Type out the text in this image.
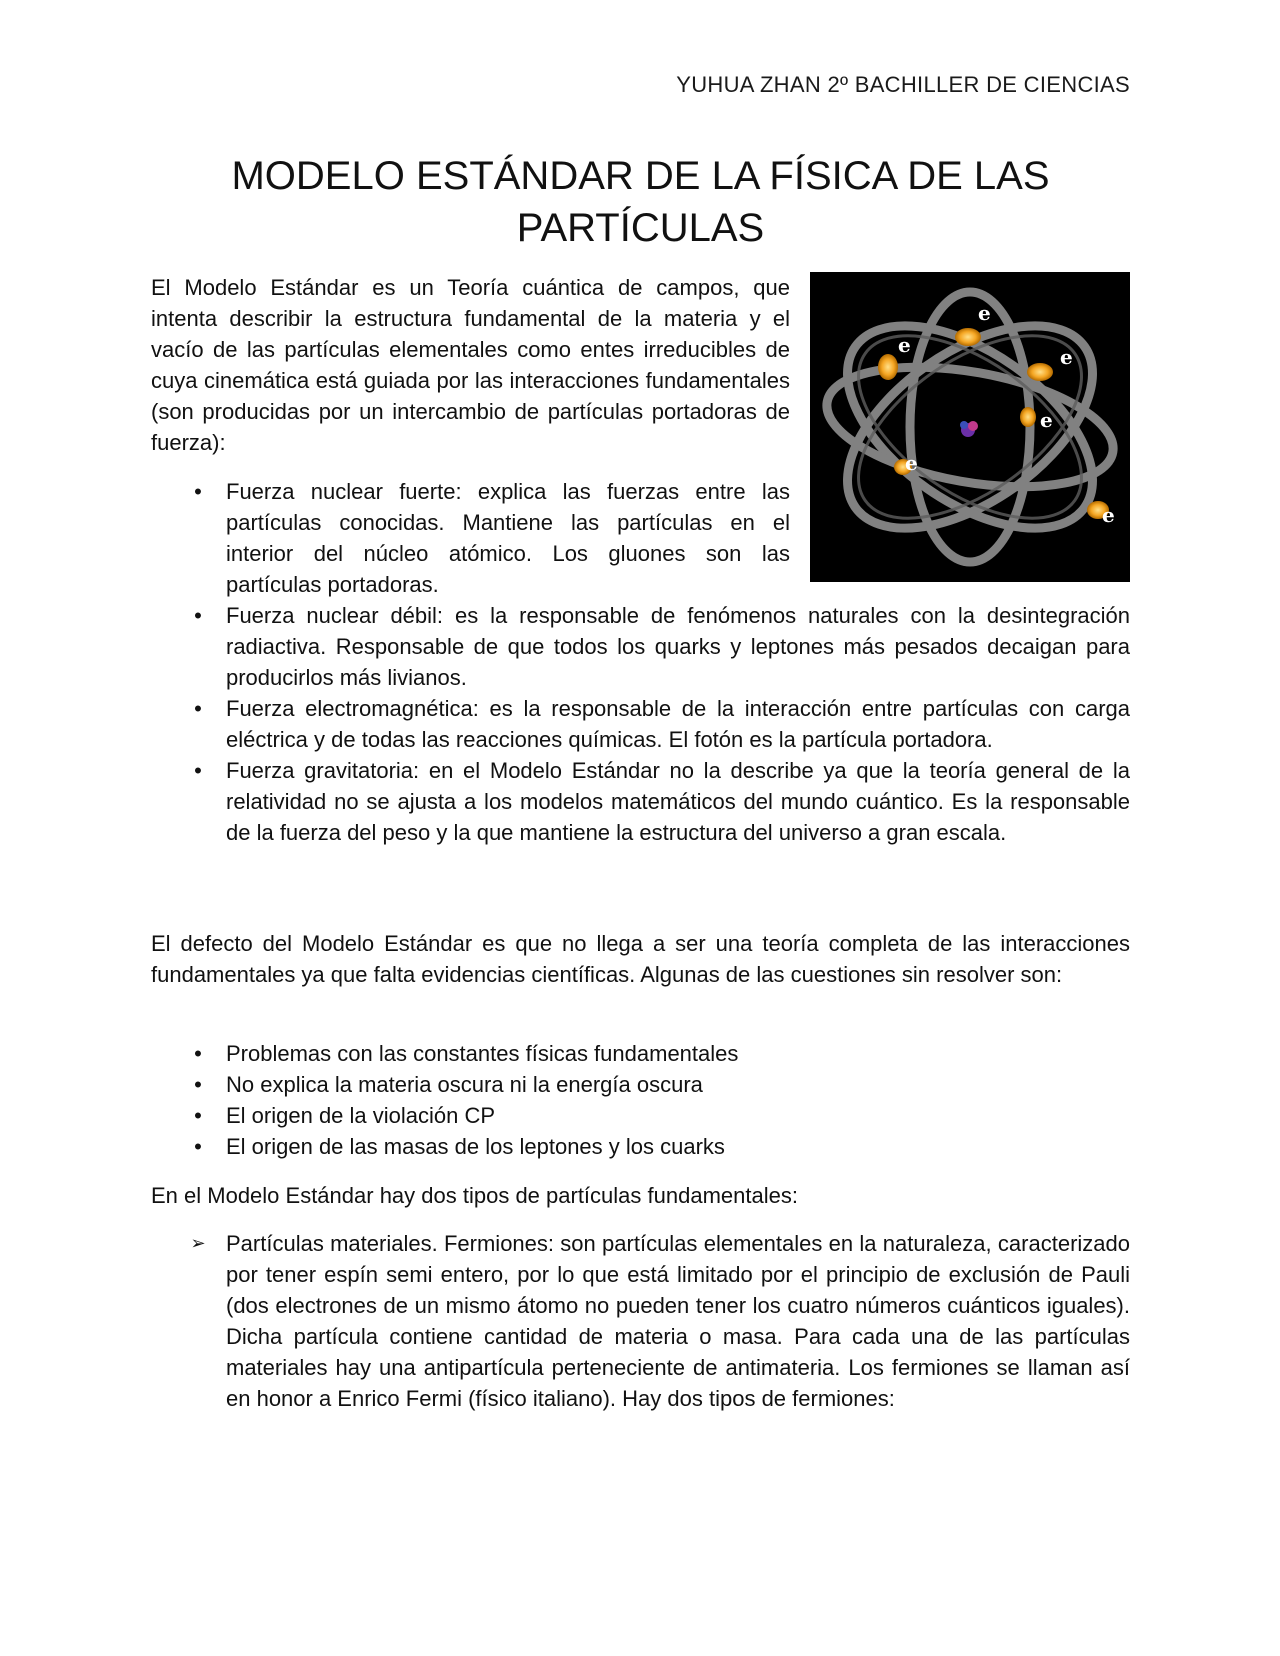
YUHUA ZHAN 2º BACHILLER DE CIENCIAS
MODELO ESTÁNDAR DE LA FÍSICA DE LAS
PARTÍCULAS
e
e	e
e
e
e

El Modelo Estándar es un Teoría cuántica de campos, que intenta describir la estructura fundamental de la materia y el vacío de las partículas elementales como entes irreducibles de cuya cinemática está guiada por las interacciones fundamentales (son producidas por un intercambio de partículas portadoras de fuerza):

•	Fuerza nuclear fuerte: explica las fuerzas entre las partículas conocidas. Mantiene las partículas en el interior del núcleo atómico. Los gluones son las partículas portadoras.
•	Fuerza nuclear débil: es la responsable de fenómenos naturales con la desintegración radiactiva. Responsable de que todos los quarks y leptones más pesados decaigan para producirlos más livianos.
•	Fuerza electromagnética: es la responsable de la interacción entre partículas con carga eléctrica y de todas las reacciones químicas. El fotón es la partícula portadora.
•	Fuerza gravitatoria: en el Modelo Estándar no la describe ya que la teoría general de la relatividad no se ajusta a los modelos matemáticos del mundo cuántico. Es la responsable de la fuerza del peso y la que mantiene la estructura del universo a gran escala.

El defecto del Modelo Estándar es que no llega a ser una teoría completa de las interacciones fundamentales ya que falta evidencias científicas. Algunas de las cuestiones sin resolver son:

•	Problemas con las constantes físicas fundamentales
•	No explica la materia oscura ni la energía oscura
•	El origen de la violación CP
•	El origen de las masas de los leptones y los cuarks

En el Modelo Estándar hay dos tipos de partículas fundamentales:

➢ Partículas materiales. Fermiones: son partículas elementales en la naturaleza, caracterizado por tener espín semi entero, por lo que está limitado por el principio de exclusión de Pauli (dos electrones de un mismo átomo no pueden tener los cuatro números cuánticos iguales). Dicha partícula contiene cantidad de materia o masa. Para cada una de las partículas materiales hay una antipartícula perteneciente de antimateria. Los fermiones se llaman así en honor a Enrico Fermi (físico italiano). Hay dos tipos de fermiones:
